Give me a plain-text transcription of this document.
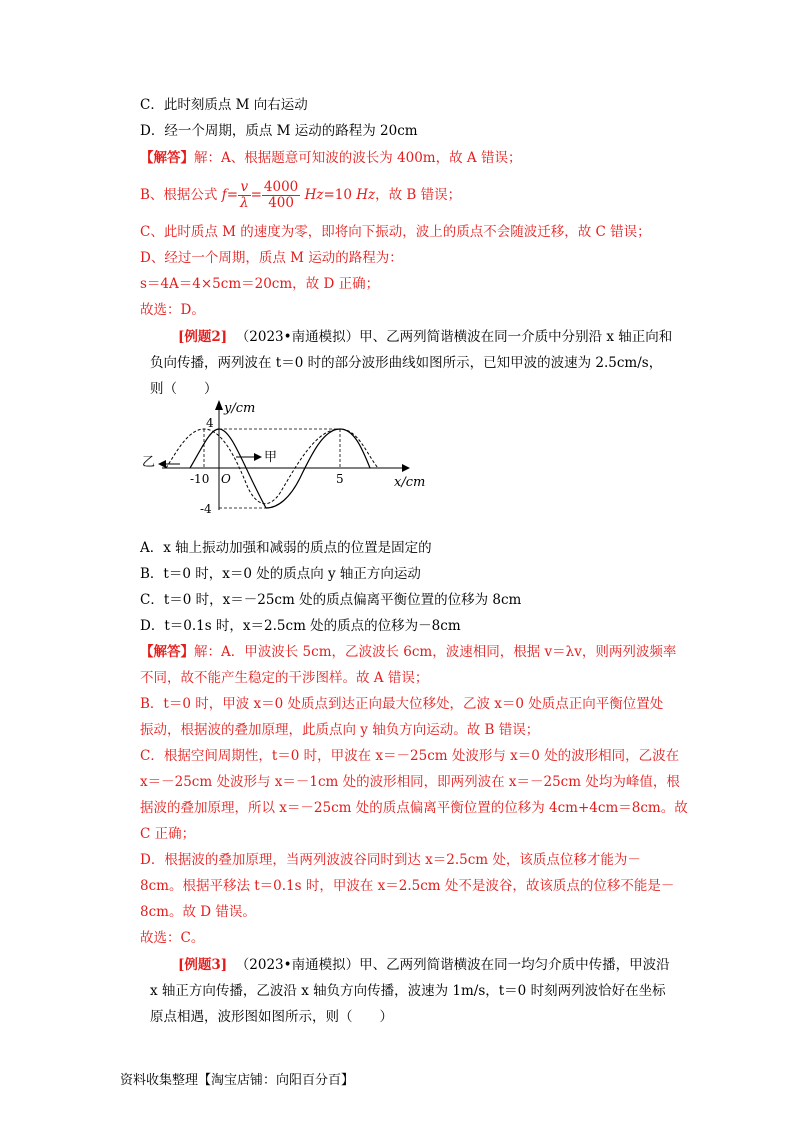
C．此时刻质点 M 向右运动
D．经一个周期，质点 M 运动的路程为 20cm
【解答】解：A、根据题意可知波的波长为 400m，故 A 错误；
B、根据公式 $f= \frac{v}{\lambda} = \frac{4000}{400} Hz=10$ Hz，故 B 错误；
C、此时质点 M 的速度为零，即将向下振动，波上的质点不会随波迁移，故 C 错误；
D、经过一个周期，质点 M 运动的路程为：
s＝4A＝4×5cm＝20cm，故 D 正确；
故选：D。
[例题2] （2023•南通模拟）甲、乙两列简谐横波在同一介质中分别沿 x 轴正向和
负向传播，两列波在 t＝0 时的部分波形曲线如图所示，已知甲波的波速为 2.5cm/s，
则（　　）
y/cm
x/cm
4
-4
-10 O	5
乙	甲
A．x 轴上振动加强和减弱的质点的位置是固定的
B．t＝0 时，x＝0 处的质点向 y 轴正方向运动
C．t＝0 时，x＝－25cm 处的质点偏离平衡位置的位移为 8cm
D．t＝0.1s 时，x＝2.5cm 处的质点的位移为－8cm
【解答】解：A．甲波波长 5cm，乙波波长 6cm，波速相同，根据 v＝λv，则两列波频率
不同，故不能产生稳定的干涉图样。故 A 错误；
B．t＝0 时，甲波 x＝0 处质点到达正向最大位移处，乙波 x＝0 处质点正向平衡位置处
振动，根据波的叠加原理，此质点向 y 轴负方向运动。故 B 错误；
C．根据空间周期性，t＝0 时，甲波在 x＝－25cm 处波形与 x＝0 处的波形相同，乙波在
x＝－25cm 处波形与 x＝－1cm 处的波形相同，即两列波在 x＝－25cm 处均为峰值，根
据波的叠加原理，所以 x＝－25cm 处的质点偏离平衡位置的位移为 4cm+4cm＝8cm。故
C 正确；
D．根据波的叠加原理，当两列波波谷同时到达 x＝2.5cm 处，该质点位移才能为－
8cm。根据平移法 t＝0.1s 时，甲波在 x＝2.5cm 处不是波谷，故该质点的位移不能是－
8cm。故 D 错误。
故选：C。
[例题3] （2023•南通模拟）甲、乙两列简谐横波在同一均匀介质中传播，甲波沿
x 轴正方向传播，乙波沿 x 轴负方向传播，波速为 1m/s，t＝0 时刻两列波恰好在坐标
原点相遇，波形图如图所示，则（　　）
资料收集整理【淘宝店铺：向阳百分百】
